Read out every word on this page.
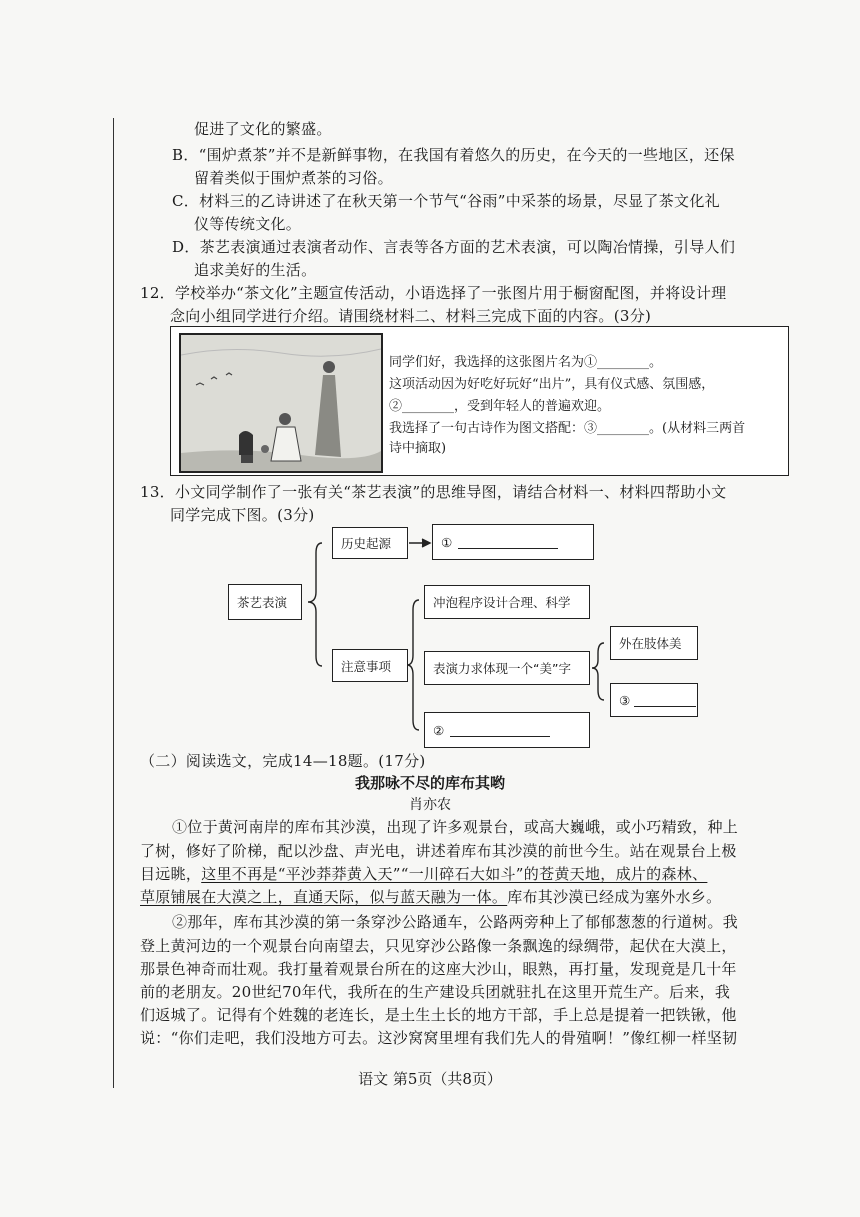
促进了文化的繁盛。
B．“围炉煮茶”并不是新鲜事物，在我国有着悠久的历史，在今天的一些地区，还保
留着类似于围炉煮茶的习俗。
C．材料三的乙诗讲述了在秋天第一个节气“谷雨”中采茶的场景，尽显了茶文化礼
仪等传统文化。
D．茶艺表演通过表演者动作、言表等各方面的艺术表演，可以陶冶情操，引导人们
追求美好的生活。
12．学校举办“茶文化”主题宣传活动，小语选择了一张图片用于橱窗配图，并将设计理
念向小组同学进行介绍。请围绕材料二、材料三完成下面的内容。(3分)
同学们好，我选择的这张图片名为①________。
这项活动因为好吃好玩好“出片”，具有仪式感、氛围感，
②________，受到年轻人的普遍欢迎。
我选择了一句古诗作为图文搭配：③________。(从材料三两首
诗中摘取)
13．小文同学制作了一张有关“茶艺表演”的思维导图，请结合材料一、材料四帮助小文
同学完成下图。(3分)
茶艺表演
历史起源	①
注意事项
冲泡程序设计合理、科学
表演力求体现一个“美”字
外在肢体美
③
②
（二）阅读选文，完成14—18题。(17分)
我那咏不尽的库布其哟
肖亦农
①位于黄河南岸的库布其沙漠，出现了许多观景台，或高大巍峨，或小巧精致，种上
了树，修好了阶梯，配以沙盘、声光电，讲述着库布其沙漠的前世今生。站在观景台上极
目远眺，这里不再是“平沙莽莽黄入天”“一川碎石大如斗”的苍黄天地，成片的森林、
草原铺展在大漠之上，直通天际，似与蓝天融为一体。库布其沙漠已经成为塞外水乡。
②那年，库布其沙漠的第一条穿沙公路通车，公路两旁种上了郁郁葱葱的行道树。我
登上黄河边的一个观景台向南望去，只见穿沙公路像一条飘逸的绿绸带，起伏在大漠上，
那景色神奇而壮观。我打量着观景台所在的这座大沙山，眼熟，再打量，发现竟是几十年
前的老朋友。20世纪70年代，我所在的生产建设兵团就驻扎在这里开荒生产。后来，我
们返城了。记得有个姓魏的老连长，是土生土长的地方干部，手上总是提着一把铁锹，他
说：“你们走吧，我们没地方可去。这沙窝窝里埋有我们先人的骨殖啊！”像红柳一样坚韧
语文 第5页（共8页）
